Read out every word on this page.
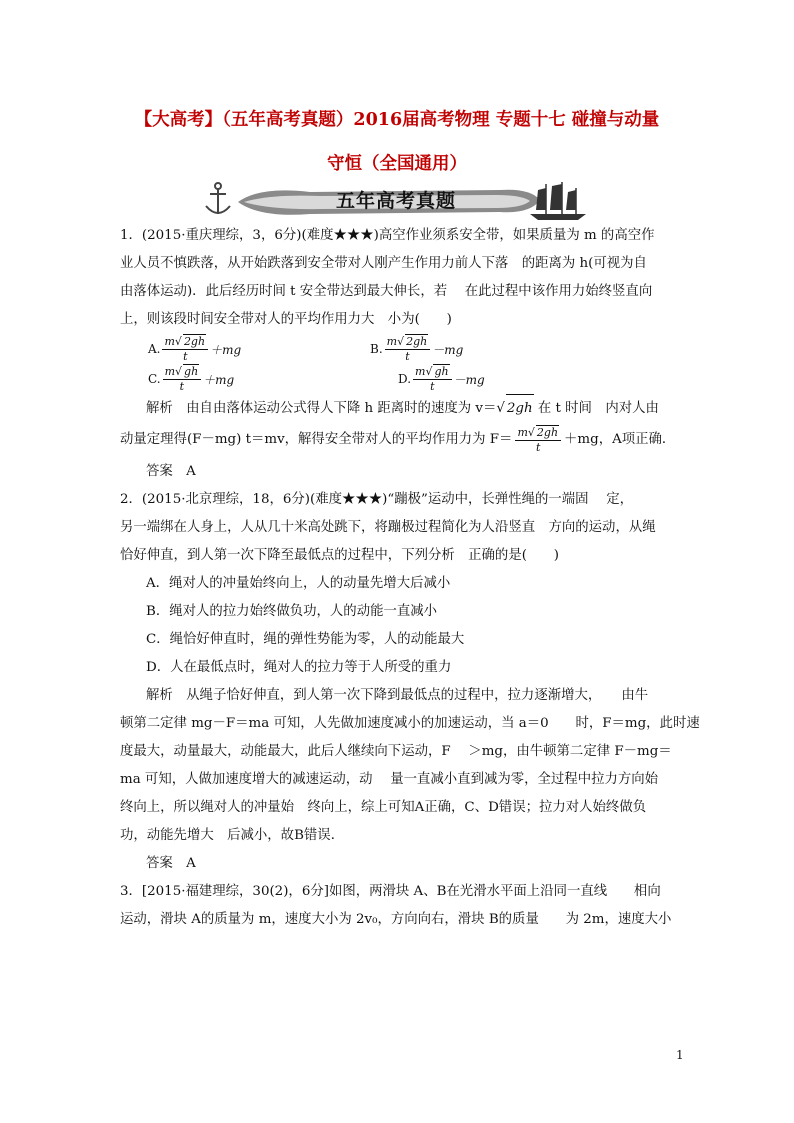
【大高考】（五年高考真题）2016届高考物理 专题十七 碰撞与动量
守恒（全国通用）
五年高考真题
1．(2015·重庆理综，3，6分)(难度★★★)高空作业须系安全带，如果质量为 m 的高空作
业人员不慎跌落，从开始跌落到安全带对人刚产生作用力前人下落　的距离为 h(可视为自
由落体运动)．此后经历时间 t 安全带达到最大伸长，若　 在此过程中该作用力始终竖直向
上，则该段时间安全带对人的平均作用力大　小为(　　)
A. $\frac{m√ 2gh}{t} +mg$	B. $\frac{m√ 2gh}{t} -mg$
C. $\frac{m√ gh}{t} +mg$	D. $\frac{m√ gh}{t} -mg$
解析　由自由落体运动公式得人下降 h 距离时的速度为 v＝√ 2gh 在 t 时间　内对人由
动量定理得(F－mg) t＝mv，解得安全带对人的平均作用力为 $F= \frac{m√ 2gh}{t} +mg$，A项正确．
答案　A
2．(2015·北京理综，18，6分)(难度★★★)“蹦极”运动中，长弹性绳的一端固　 定，
另一端绑在人身上，人从几十米高处跳下，将蹦极过程简化为人沿竖直　方向的运动，从绳
恰好伸直，到人第一次下降至最低点的过程中，下列分析　正确的是(　　)
A．绳对人的冲量始终向上，人的动量先增大后减小
B．绳对人的拉力始终做负功，人的动能一直减小
C．绳恰好伸直时，绳的弹性势能为零，人的动能最大
D．人在最低点时，绳对人的拉力等于人所受的重力
解析　从绳子恰好伸直，到人第一次下降到最低点的过程中，拉力逐渐增大，　　由牛
顿第二定律 mg－F＝ma 可知，人先做加速度减小的加速运动，当 a＝0　　时，F＝mg，此时速
度最大，动量最大，动能最大，此后人继续向下运动，F　 ＞mg，由牛顿第二定律 F－mg＝
ma 可知，人做加速度增大的减速运动，动　 量一直减小直到减为零，全过程中拉力方向始
终向上，所以绳对人的冲量始　终向上，综上可知A正确，C、D错误；拉力对人始终做负
功，动能先增大　后减小，故B错误．
答案　A
3．[2015·福建理综，30(2)，6分]如图，两滑块 A、B在光滑水平面上沿同一直线　　相向
运动，滑块 A的质量为 m，速度大小为 2v₀，方向向右，滑块 B的质量　　为 2m，速度大小
1
